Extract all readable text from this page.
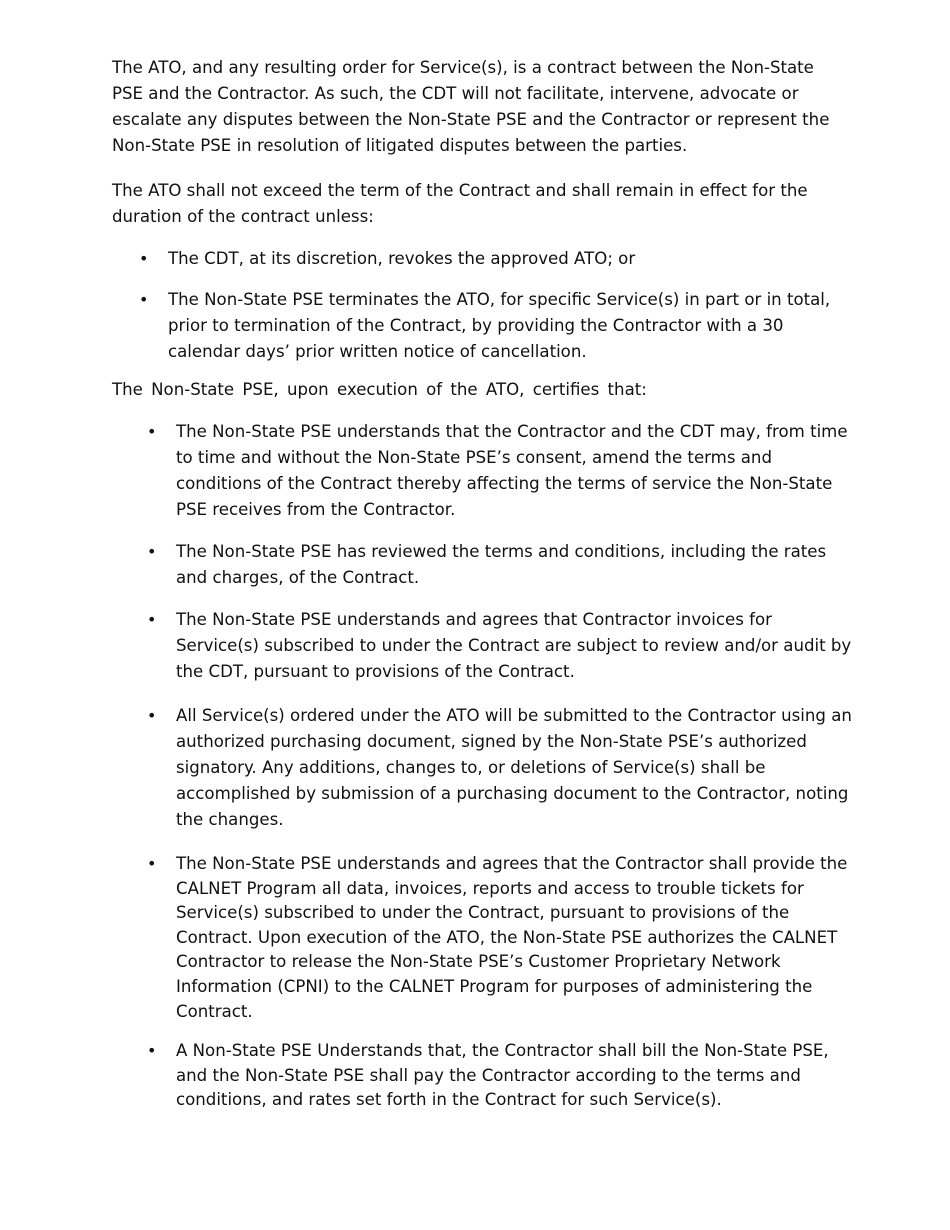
The ATO, and any resulting order for Service(s), is a contract between the Non-State PSE and the Contractor. As such, the CDT will not facilitate, intervene, advocate or escalate any disputes between the Non-State PSE and the Contractor or represent the Non-State PSE in resolution of litigated disputes between the parties.

The ATO shall not exceed the term of the Contract and shall remain in effect for the duration of the contract unless:

• The CDT, at its discretion, revokes the approved ATO; or
• The Non-State PSE terminates the ATO, for specific Service(s) in part or in total, prior to termination of the Contract, by providing the Contractor with a 30 calendar days’ prior written notice of cancellation.

The Non-State PSE, upon execution of the ATO, certifies that:

• The Non-State PSE understands that the Contractor and the CDT may, from time to time and without the Non-State PSE’s consent, amend the terms and conditions of the Contract thereby affecting the terms of service the Non-State PSE receives from the Contractor.
• The Non-State PSE has reviewed the terms and conditions, including the rates and charges, of the Contract.
• The Non-State PSE understands and agrees that Contractor invoices for Service(s) subscribed to under the Contract are subject to review and/or audit by the CDT, pursuant to provisions of the Contract.
• All Service(s) ordered under the ATO will be submitted to the Contractor using an authorized purchasing document, signed by the Non-State PSE’s authorized signatory. Any additions, changes to, or deletions of Service(s) shall be accomplished by submission of a purchasing document to the Contractor, noting the changes.
• The Non-State PSE understands and agrees that the Contractor shall provide the CALNET Program all data, invoices, reports and access to trouble tickets for Service(s) subscribed to under the Contract, pursuant to provisions of the Contract. Upon execution of the ATO, the Non-State PSE authorizes the CALNET Contractor to release the Non-State PSE’s Customer Proprietary Network Information (CPNI) to the CALNET Program for purposes of administering the Contract.
• A Non-State PSE Understands that, the Contractor shall bill the Non-State PSE, and the Non-State PSE shall pay the Contractor according to the terms and conditions, and rates set forth in the Contract for such Service(s).
